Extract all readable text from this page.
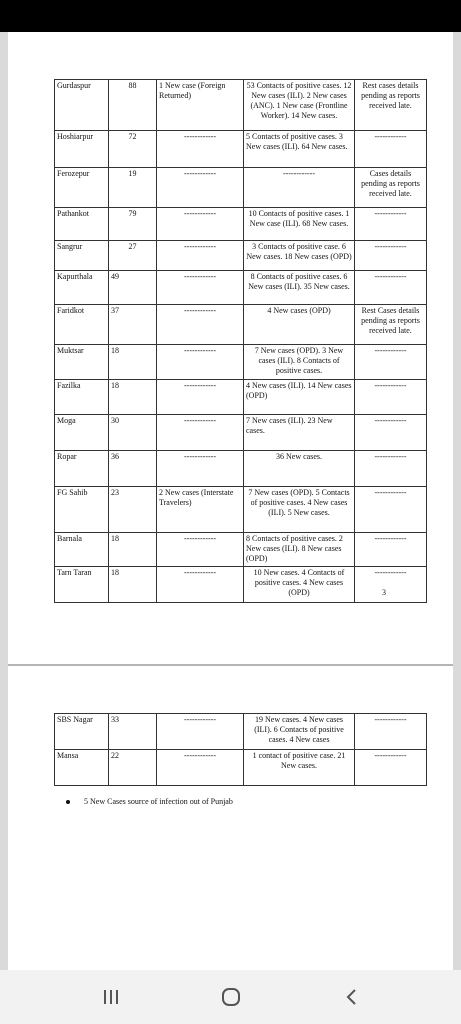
Gurdaspur	88	1 New case (Foreign Returned)	53 Contacts of positive cases. 12 New cases (ILI). 2 New cases (ANC). 1 New case (Frontline Worker). 14 New cases.	Rest cases details pending as reports received late.
Hoshiarpur	72	------------	5 Contacts of positive cases. 3 New cases (ILI). 64 New cases.	------------
Ferozepur	19	------------	------------	Cases details pending as reports received late.
Pathankot	79	------------	10 Contacts of positive cases. 1 New case (ILI). 68 New cases.	------------
Sangrur	27	------------	3 Contacts of positive case. 6 New cases. 18 New cases (OPD)	------------
Kapurthala	49	------------	8 Contacts of positive cases. 6 New cases (ILI). 35 New cases.	------------
Faridkot	37	------------	4 New cases (OPD)	Rest Cases details pending as reports received late.
Muktsar	18	------------	7 New cases (OPD). 3 New cases (ILI). 8 Contacts of positive cases.	------------
Fazilka	18	------------	4 New cases (ILI). 14 New cases (OPD)	------------
Moga	30	------------	7 New cases (ILI). 23 New cases.	------------
Ropar	36	------------	36 New cases.	------------
FG Sahib	23	2 New cases (Interstate Travelers)	7 New cases (OPD). 5 Contacts of positive cases. 4 New cases (ILI). 5 New cases.	------------
Barnala	18	------------	8 Contacts of positive cases. 2 New cases (ILI). 8 New cases (OPD)	------------
Tarn Taran	18	------------	10 New cases. 4 Contacts of positive cases. 4 New cases (OPD)	------------
3
SBS Nagar	33	------------	19 New cases. 4 New cases (ILI). 6 Contacts of positive cases. 4 New cases	------------
Mansa	22	------------	1 contact of positive case. 21 New cases.	------------
5 New Cases source of infection out of Punjab
